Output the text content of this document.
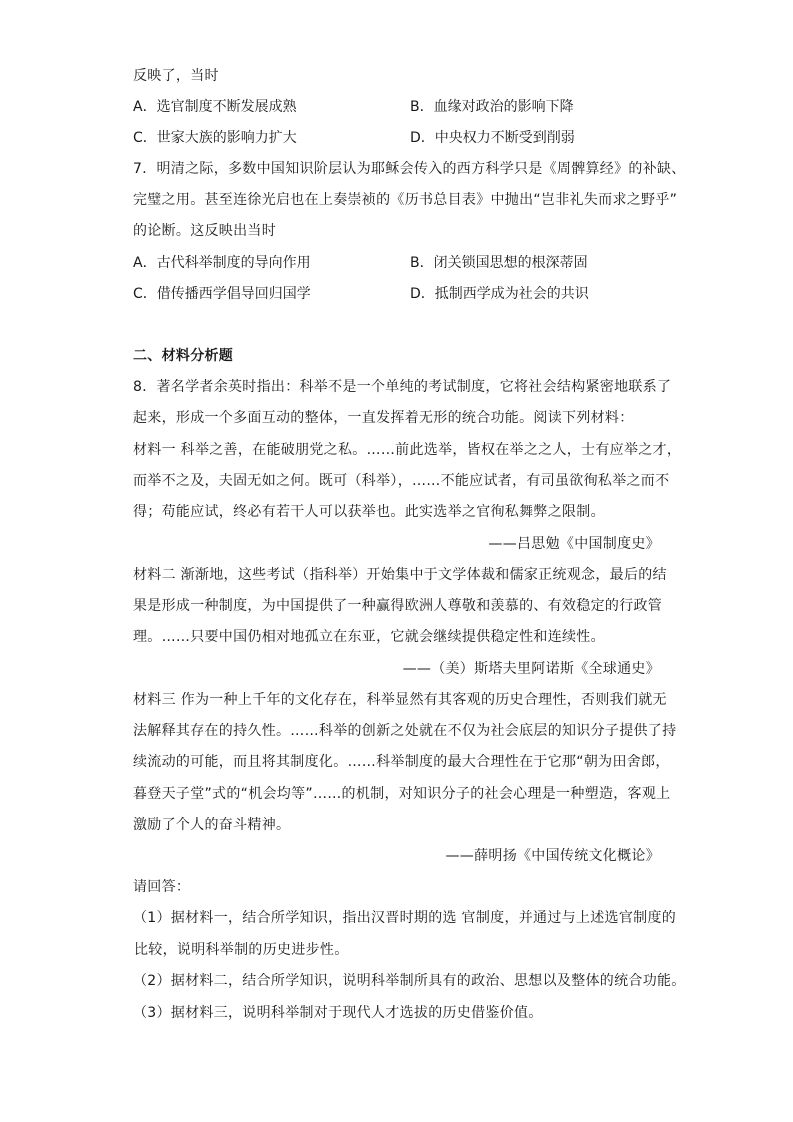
反映了，当时
A．选官制度不断发展成熟	B．血缘对政治的影响下降
C．世家大族的影响力扩大	D．中央权力不断受到削弱
7．明清之际，多数中国知识阶层认为耶稣会传入的西方科学只是《周髀算经》的补缺、
完璧之用。甚至连徐光启也在上奏崇祯的《历书总目表》中抛出“岂非礼失而求之野乎”
的论断。这反映出当时
A．古代科举制度的导向作用	B．闭关锁国思想的根深蒂固
C．借传播西学倡导回归国学	D．抵制西学成为社会的共识
二、材料分析题
8．著名学者余英时指出：科举不是一个单纯的考试制度，它将社会结构紧密地联系了
起来，形成一个多面互动的整体，一直发挥着无形的统合功能。阅读下列材料：
材料一 科举之善，在能破朋党之私。……前此选举，皆权在举之之人，士有应举之才，
而举不之及，夫固无如之何。既可（科举），……不能应试者，有司虽欲徇私举之而不
得；苟能应试，终必有若干人可以获举也。此实选举之官徇私舞弊之限制。
——吕思勉《中国制度史》
材料二 渐渐地，这些考试（指科举）开始集中于文学体裁和儒家正统观念，最后的结
果是形成一种制度，为中国提供了一种赢得欧洲人尊敬和羡慕的、有效稳定的行政管
理。……只要中国仍相对地孤立在东亚，它就会继续提供稳定性和连续性。
——（美）斯塔夫里阿诺斯《全球通史》
材料三 作为一种上千年的文化存在，科举显然有其客观的历史合理性，否则我们就无
法解释其存在的持久性。……科举的创新之处就在不仅为社会底层的知识分子提供了持
续流动的可能，而且将其制度化。……科举制度的最大合理性在于它那“朝为田舍郎，
暮登天子堂”式的“机会均等”……的机制，对知识分子的社会心理是一种塑造，客观上
激励了个人的奋斗精神。
——薛明扬《中国传统文化概论》
请回答：
（1）据材料一，结合所学知识，指出汉晋时期的选 官制度，并通过与上述选官制度的
比较，说明科举制的历史进步性。
（2）据材料二，结合所学知识，说明科举制所具有的政治、思想以及整体的统合功能。
（3）据材料三，说明科举制对于现代人才选拔的历史借鉴价值。
